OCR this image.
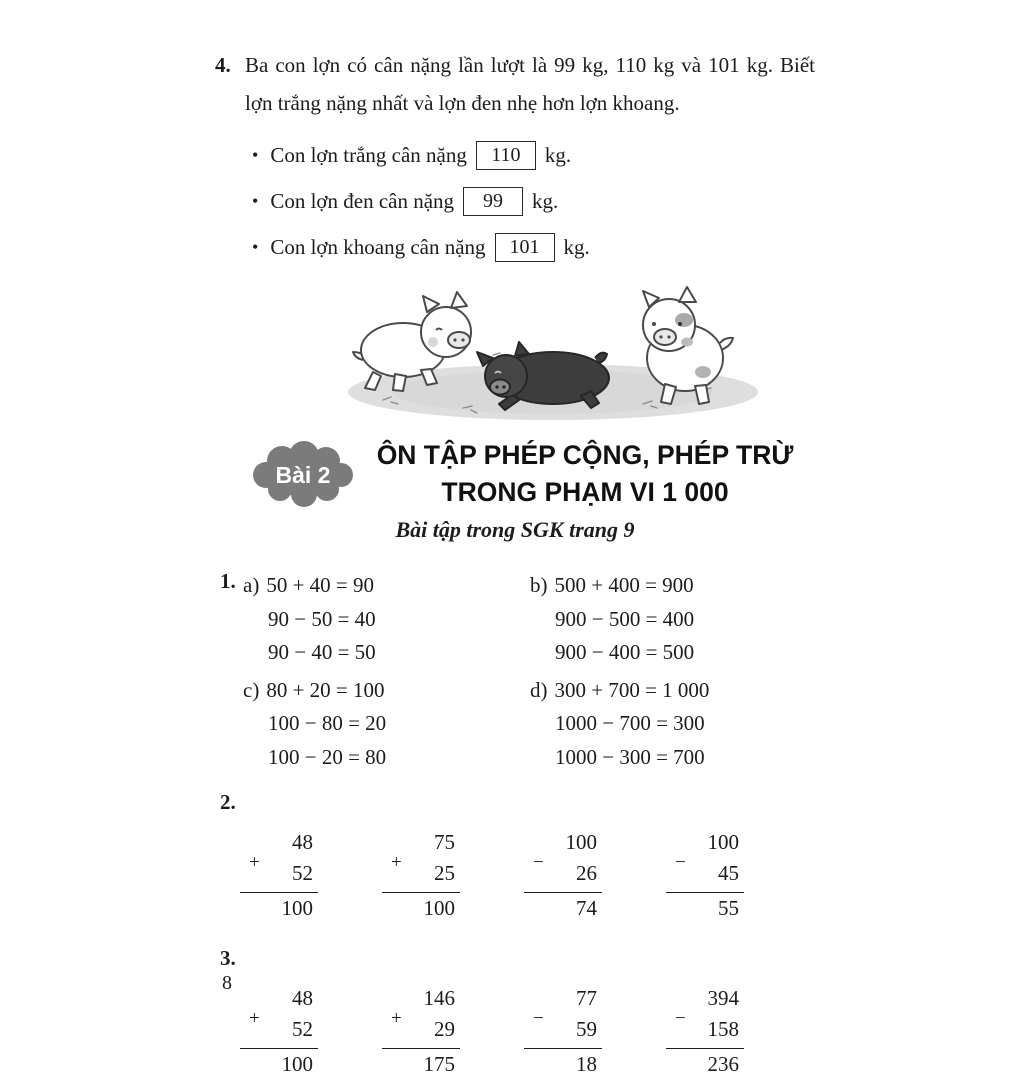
4. Ba con lợn có cân nặng lần lượt là 99 kg, 110 kg và 101 kg. Biết lợn trắng nặng nhất và lợn đen nhẹ hơn lợn khoang.
• Con lợn trắng cân nặng	110	kg.
• Con lợn đen cân nặng	99	kg.
• Con lợn khoang cân nặng	101	kg.
Bài 2
ÔN TẬP PHÉP CỘNG, PHÉP TRỪ
TRONG PHẠM VI 1 000
Bài tập trong SGK trang 9
1. a) 50 + 40 = 90
90 − 50 = 40
90 − 40 = 50
b) 500 + 400 = 900
900 − 500 = 400
900 − 400 = 500
c) 80 + 20 = 100
100 − 80 = 20
100 − 20 = 80
d) 300 + 700 = 1 000
1000 − 700 = 300
1000 − 300 = 700
2.
+
48
52
100
+
75
25
100
−
100
26
74
−
100
45
55
3.
+
48
52
100
+
146
29
175
−
77
59
18
−
394
158
236
8
